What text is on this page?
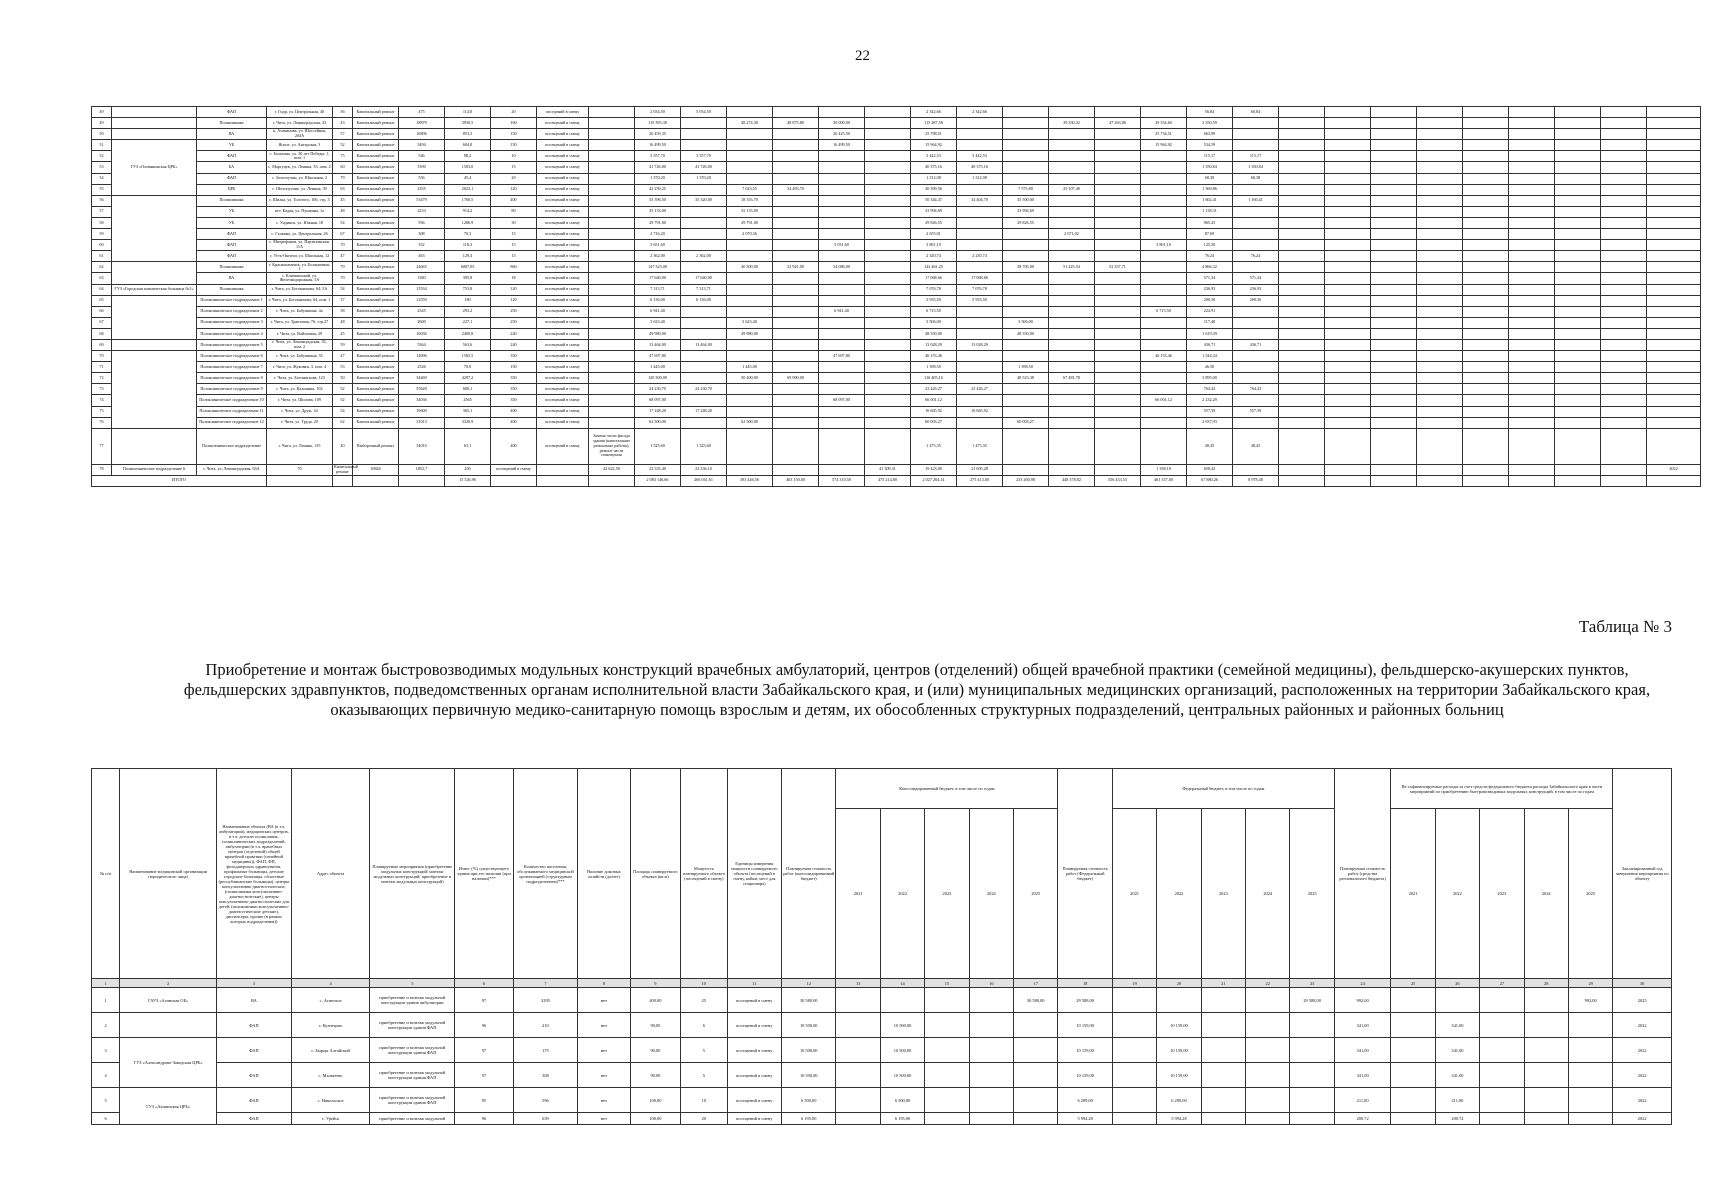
22
49		ФАП	г. Гидр, ул. Центральная, 40	56	Капитальный ремонт	475	114,8	20	поседений в смену		2 034,50	5 034,50					2 342,66	2 342,66					56,84	60,84										
49		Поликлиника	г. Чита, ул. Ленинградская, 43	43	Капитальный ремонт	18879	3930,5	160	посещений в смену		115 395,38		48 274,30	48 875,80	30 000,00		115 287,58			39 330,32	47 263,06	29 354,60	3 350,59											
50		ВА	п. Атаманова, ул. Шоссейная, 204А	57	Капитальный ремонт	16896	853,5	150	посещений в смену		26 459,35				26 425,50		25 798,51					25 734,51	663,99											
51	ГУЗ «Оловянинская ЦРБ»	УБ	Ясное, ул. Ангарская, 3	52	Капитальный ремонт	5494	604,8	150	посещений в смену		16 499,50				16 499,50		15 964,92					15 964,92	534,59											
52		ФАП	с. Бальзино, ул. 30 лет Победы, 1, пом. 1	75	Капитальный ремонт	546	98,2	10	посещений в смену		3 557,70	3 557,70					3 442,53	3 442,53					115,17	115,17										
53		БА	с. Маргуцек, ул. Ленина, 55, пом. 2	60	Капитальный ремонт	5390	1503,0	15	посещений в смену		41 726,00	41 726,00					40 375,16	40 375,16					1 350,84	1 350,84										
54		ФАП	с. Золотоухин, ул. Школьная, 2	79	Капитальный ремонт	556	45,4	20	посещений в смену		1 370,20	1 370,20					1 312,08	1 312,08					68,38	68,38										
55		ЦРБ	с. Шелопугино, ул. Ленина, 39	63	Капитальный ремонт	2355	2023,1	120	посещений в смену		42 239,25		7 023,55	34 493,70			40 399,56		7 575,80	25 107,40			1 369,86											
56		Поликлиника	г. Шилка, ул. Толстого, 106, стр. 3	45	Капитальный ремонт	53479	1760,5	400	посещений в смену		53 396,50	35 320,00	18 353,70				50 344,47	34 404,70	35 500,00				1 602,41	1 160,41										
57		УБ	пгт. Кадая, ул. Пушкина, 1а	48	Капитальный ремонт	2233	914,2	80	посещений в смену		35 133,00		35 133,00				33 994,69		33 994,69				1 138,31											
58		УБ	с. Ундинск, ул. Южная, 18	54	Капитальный ремонт	936	1286,9	30	посещений в смену		29 791,00		29 791,00				29 826,55		29 826,55				965,25											
59		ФАП	с. Галкино, ул. Центральная, 26	67	Капитальный ремонт	308	70,3	15	посещений в смену		2 716,20		2 070,36				2 655,01			2 071,02			87,69											
60		ФАП	с. Митрофанов, ул. Партизанская, 11А	70	Капитальный ремонт	352	118,3	15	посещений в смену		3 651,60				5 031,60		3 801,10					3 801,10	125,50											
61		ФАП	с. Усть-Онгичи, ул. Школьная, 12	47	Капитальный ремонт	463	129,4	15	посещений в смену		2 362,00	2 362,00					2 320,74	2 230,74					76,24	76,24										
62		Поликлиника	г. Краснокаменск, ул. Больничная, 1	79	Капитальный ремонт	24665	6087,05	860	посещений в смену		147 325,00		40 300,00	52 941,00	54 086,00		142 461,25		38 705,00	51 225,54	52 337,71		4 866,32											
63		ВА	с. Кличкинский, ул. Железнодорожная, 5А	70	Капитальный ремонт	1180	395,8	18	посещений в смену		17 640,00	17 640,00					17 068,66	17 068,66					571,34	571,34										
64	ГУЗ «Городская клиническая больница №1»	Поликлиника	г. Чита, ул. Богомягкова, 64, 5А	54	Капитальный ремонт	15534	753,8	120	посещений в смену		7 313,71	7 313,71					7 076,78	7 076,78					236,93	236,93										
65		Поликлиническое подразделение 1	г. Чита, ул. Богомягкова, 64, пом. 1	37	Капитальный ремонт	12559	180	120	посещений в смену		6 136,00	6 136,00					5 935,50	5 935,50					200,50	200,50										
66		Поликлиническое подразделение 2	г. Чита, ул. Бабушкина, 4а	58	Капитальный ремонт	2345	293,2	250	посещений в смену		6 941,40				6 941,40		6 715,50					6 715,50	224,91											
67		Поликлиническое подразделение 3	г. Чита, ул. Трактовая, 76, стр.27	48	Капитальный ремонт	2600	227,1	250	посещений в смену		3 623,40		3 623,40				3 506,00		3 506,00				117,40											
68		Поликлиническое подразделение 4	г. Чита, ул. Войсковая, 29	45	Капитальный ремонт	16036	2400,8	240	посещений в смену		49 980,00		49 980,00				48 350,00		48 350,00				1 619,39											
69		Поликлиническое подразделение 5	г. Чита, ул. Ленинградская, 35, пом. 2	59	Капитальный ремонт	5364	563,6	240	посещений в смену		13 464,00	13 464,00					13 028,29	13 028,29					436,71	436,71										
70		Поликлиническое подразделение 6	г. Чита, ул. Бабушкина, 35	47	Капитальный ремонт	14006	1565,5	350	посещений в смену		47 697,80				47 697,80		46 153,46					46 153,46	1 544,34											
71		Поликлиническое подразделение 7	г. Чита, ул. Жуковки, 3, пом. 4	53	Капитальный ремонт	2546	70,0	150	посещений в смену		1 445,00		1 445,00				1 398,50		1 398,50				46,50											
72		Поликлиническое подразделение 8	г. Чита, ул. Богомягкова, 123	50	Капитальный ремонт	34469	4297,2	350	посещений в смену		120 300,00		50 400,00	69 900,00			116 405,16		48 523,38	67 481,78			3 895,00											
73		Поликлиническое подразделение 9	г. Чита, ул. Калинина, 102	52	Капитальный ремонт	55620	680,1	350	посещений в смену		24 230,70	24 230,70					23 426,27	23 426,27					764,43	764,43										
74		Поликлиническое подразделение 10	г. Чита, ул. Шилова, 109	52	Капитальный ремонт	34036	2565	350	посещений в смену		68 097,00				68 097,00		66 001,12					66 001,12	2 232,29											
75		Поликлиническое подразделение 11	г. Чита, ул. Друж, 34	54	Капитальный ремонт	19600	365,1	400	посещений в смену		17 248,20	17 248,20					16 665,92	16 665,92					557,59	557,59										
76		Поликлиническое подразделение 12	г. Чита, ул. Труда, 20	62	Капитальный ремонт	31013	3320,9	400	посещений в смену		62 500,00		62 500,00				60 003,27		60 003,27				2 037,93											
77		Поликлиническое подразделение	г. Чита, ул. Ленина, 135	40	Выборочный ремонт	34010	63,1	400	посещений в смену	Замена части фасада здания (капитальные ремонтные работы), ремонт части помещения	1 525,60	1 525,60					1 475,35	1 475,35					48,45	48,45										
78	Поликлиническое подразделение 6	г. Чита, ул. Ленинградская, 63А	70	Капитальный ремонт	16826	1852,7	250	посещений в смену		42 622,50	22 335,40	22 336,10				41 309,31	19 423,00	21 605,28				1 358,18	658,42										2022	
ИТОГО							15 526,96				2 083 146,66	266 041,61	393 446,56	463 150,00	574 310,50	475 214,80	2 027 264,14	275 413,00	233 260,98	448 378,82	556 433,53	461 357,00	67 880,26	8 978,48										
Таблица № 3
Приобретение и монтаж быстровозводимых модульных конструкций врачебных амбулаторий, центров (отделений) общей врачебной практики (семейной медицины), фельдшерско-акушерских пунктов, фельдшерских здравпунктов, подведомственных органам исполнительной власти Забайкальского края, и (или) муниципальных медицинских организаций, расположенных на территории Забайкальского края, оказывающих первичную медико-санитарную помощь взрослым и детям, их обособленных структурных подразделений, центральных районных и районных больниц
№ п/п	Наименование медицинской организации (юридического лица)	Наименование объекта (ВА (в т.ч. амбулатории), медицинских центров, в т.ч. детских поликлиник, поликлинических подразделений, амбулатории (в т.ч. врачебных центров (отделений) общей врачебной практики (семейной медицины)), ФАП, ФП, фельдшерских здравпунктов, профильные больницы, детские городские больницы, областные (республиканские больницы), центры консультативно-диагностические, (поликлиники консультативно-диагностические), центры консультативно-диагностические для детей, (поликлиники консультативно-диагностические детские), диспансеры, прочие (в рамках которых подразделения))	Адрес объекта	Планируемые мероприятия (приобретение модульных конструкций/ монтаж модульных конструкций/ приобретение и монтаж модульных конструкций)	Износ (%) существующего здания при его наличии (при наличии)***	Количество населения, обслуживаемого медицинской организацией (структурным подразделением)***	Наличие домовых хозяйств (да/нет)	Площадь планируемого объекта (кв.м)	Мощность планируемого объекта (посещений в смену)	Единицы измерения мощности планируемого объекта (посещений в смену, койки, мест для стационара)	Планируемая стоимость работ (консолидированный бюджет)	Консолидированный бюджет, в том числе по годам					Планируемая стоимость работ (Федеральный бюджет)	Федеральный бюджет, в том числе по годам					Планируемая стоимость работ (средства регионального бюджета)	Не софинансируемые расходы за счет средств федерального бюджета расходы Забайкальского края в части мероприятий по приобретению быстровозводимых модульных конструкций, в том числе по годам					Запланированный год завершения мероприятия по объекту
												2021	2022	2023	2024	2025		2021	2022	2023	2024	2025		2021	2022	2023	2024	2025	
1	2	3	4	5	6	7	8	9	10	11	12	13	14	15	16	17	18	19	20	21	22	23	24	25	26	27	28	29	30
1	ГАУЗ «Агинская ОБ»	ВА	с. Агинское	приобретение и монтаж модульной конструкции здания амбулатории	97	3295	нет	400,00	25	посещений в смену	30 580,00					30 580,00	29 588,00					29 588,00	992,00					992,00	2025
2		ФАП	с. Кузнецово	приобретение и монтаж модульной конструкции здания ФАП	96	210	нет	90,00	6	посещений в смену	10 500,00		10 500,00				10 159,00		10 159,00				341,00		341,00				2022
3	ГУЗ «Александрово-Заводская ЦРБ»	ФАП	с. Бырцы Алтайский	приобретение и монтаж модульной конструкции здания ФАП	97	175	нет	90,00	5	посещений в смену	10 500,00		10 500,00				10 159,00		10 159,00				341,00		341,00				2022
4		ФАП	с. Мальтеево	приобретение и монтаж модульной конструкции здания ФАП	97	308	нет	90,00	5	посещений в смену	10 500,00		10 500,00				10 159,00		10 159,00				341,00		341,00				2022
5	ГУЗ «Акшинская ЦРБ»	ФАП	с. Никольское	приобретение и монтаж модульной конструкции здания ФАП	95	596	нет	100,00	10	посещений в смену	6 500,00		6 500,00				6 289,00		6 289,00				211,00		211,00				2022
6		ФАП	с. Урейск	приобретение и монтаж модульной	96	639	нет	100,00	20	посещений в смену	6 195,00		6 195,00				5 994,28		5 994,28				200,72		200,72				2022
